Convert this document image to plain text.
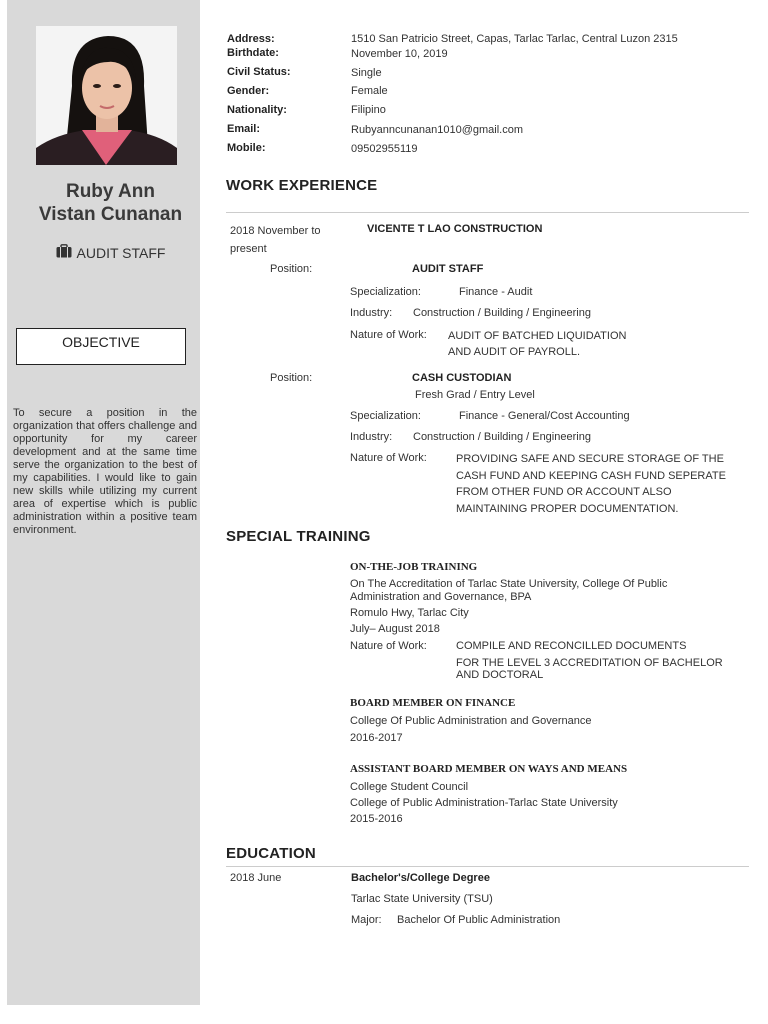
Ruby Ann
Vistan Cunanan
AUDIT STAFF
OBJECTIVE
To secure a position in the organization that offers challenge and opportunity for my career development and at the same time serve the organization to the best of my capabilities. I would like to gain new skills while utilizing my current area of expertise which is public administration within a positive team environment.
Address:	1510 San Patricio Street, Capas, Tarlac Tarlac, Central Luzon 2315
Birthdate:	November 10, 2019
Civil Status:	Single
Gender:	Female
Nationality:	Filipino
Email:	Rubyanncunanan1010@gmail.com
Mobile:	09502955119
WORK EXPERIENCE
2018 November to present
VICENTE T LAO CONSTRUCTION
Position:	AUDIT STAFF
Specialization:	Finance - Audit
Industry: Construction / Building / Engineering
Nature of Work: AUDIT OF BATCHED LIQUIDATION
AND AUDIT OF PAYROLL.
Position:	CASH CUSTODIAN
Fresh Grad / Entry Level
Specialization:	Finance - General/Cost Accounting
Industry: Construction / Building / Engineering
Nature of Work:	PROVIDING SAFE AND SECURE STORAGE OF THE
CASH FUND AND KEEPING CASH FUND SEPERATE
FROM OTHER FUND OR ACCOUNT ALSO
MAINTAINING PROPER DOCUMENTATION.
SPECIAL TRAINING
ON-THE-JOB TRAINING
On The Accreditation of Tarlac State University, College Of Public
Administration and Governance, BPA
Romulo Hwy, Tarlac City
July– August 2018
Nature of Work:	COMPILE AND RECONCILLED DOCUMENTS
FOR THE LEVEL 3 ACCREDITATION OF BACHELOR
AND DOCTORAL
BOARD MEMBER ON FINANCE
College Of Public Administration and Governance
2016-2017
ASSISTANT BOARD MEMBER ON WAYS AND MEANS
College Student Council
College of Public Administration-Tarlac State University
2015-2016
EDUCATION
2018 June	Bachelor's/College Degree
Tarlac State University (TSU)
Major: Bachelor Of Public Administration
